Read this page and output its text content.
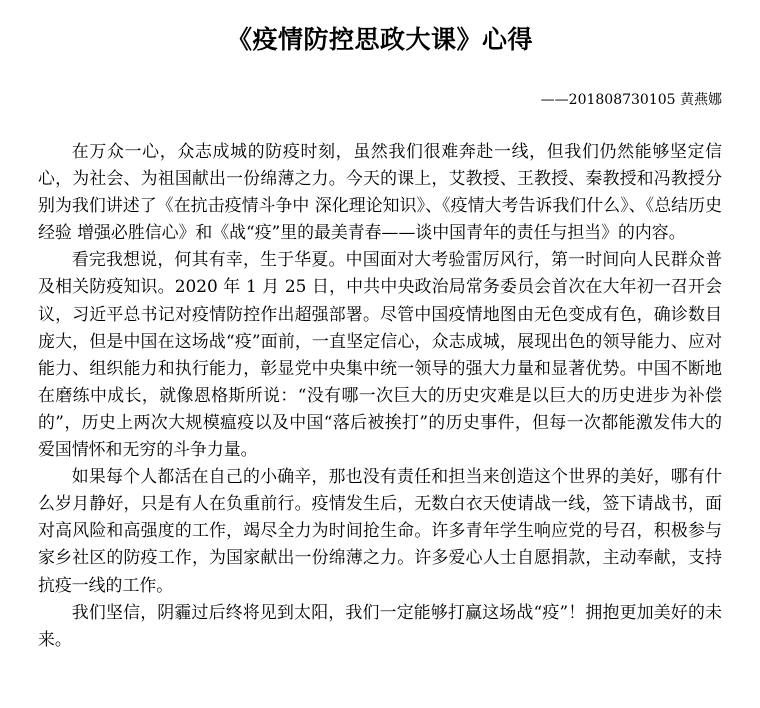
《疫情防控思政大课》心得
——201808730105 黄燕娜

在万众一心，众志成城的防疫时刻，虽然我们很难奔赴一线，但我们仍然能够坚定信心，为社会、为祖国献出一份绵薄之力。今天的课上，艾教授、王教授、秦教授和冯教授分别为我们讲述了《在抗击疫情斗争中 深化理论知识》、《疫情大考告诉我们什么》、《总结历史经验 增强必胜信心》和《战“疫”里的最美青春——谈中国青年的责任与担当》的内容。

看完我想说，何其有幸，生于华夏。中国面对大考验雷厉风行，第一时间向人民群众普及相关防疫知识。2020 年 1 月 25 日，中共中央政治局常务委员会首次在大年初一召开会议，习近平总书记对疫情防控作出超强部署。尽管中国疫情地图由无色变成有色，确诊数目庞大，但是中国在这场战“疫”面前，一直坚定信心，众志成城，展现出色的领导能力、应对能力、组织能力和执行能力，彰显党中央集中统一领导的强大力量和显著优势。中国不断地在磨练中成长，就像恩格斯所说：“没有哪一次巨大的历史灾难是以巨大的历史进步为补偿的”，历史上两次大规模瘟疫以及中国“落后被挨打”的历史事件，但每一次都能激发伟大的爱国情怀和无穷的斗争力量。

如果每个人都活在自己的小确辛，那也没有责任和担当来创造这个世界的美好，哪有什么岁月静好，只是有人在负重前行。疫情发生后，无数白衣天使请战一线，签下请战书，面对高风险和高强度的工作，竭尽全力为时间抢生命。许多青年学生响应党的号召，积极参与家乡社区的防疫工作，为国家献出一份绵薄之力。许多爱心人士自愿捐款，主动奉献，支持抗疫一线的工作。

我们坚信，阴霾过后终将见到太阳，我们一定能够打赢这场战“疫”！拥抱更加美好的未来。
